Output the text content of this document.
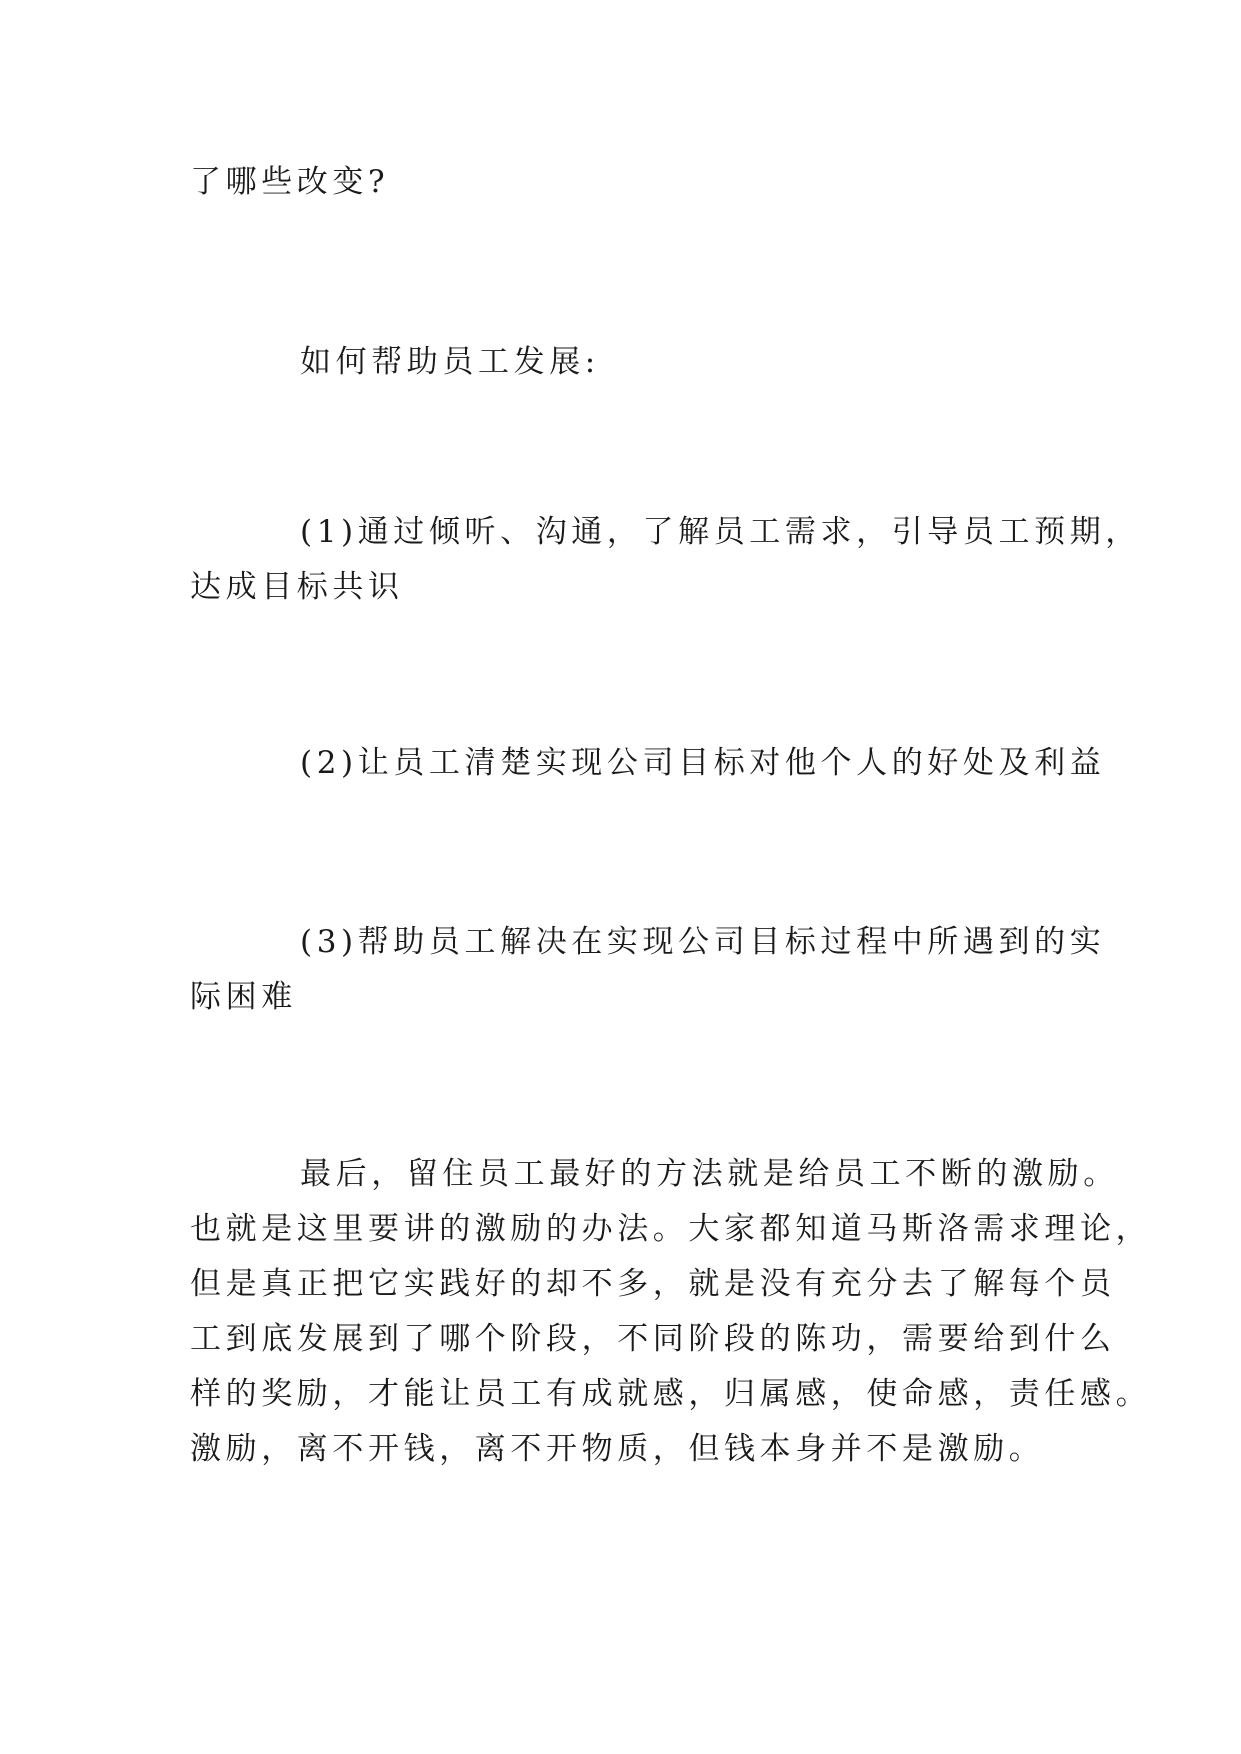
了哪些改变?

如何帮助员工发展:

(1)通过倾听、沟通，了解员工需求，引导员工预期，

达成目标共识

(2)让员工清楚实现公司目标对他个人的好处及利益

(3)帮助员工解决在实现公司目标过程中所遇到的实

际困难

最后，留住员工最好的方法就是给员工不断的激励。

也就是这里要讲的激励的办法。大家都知道马斯洛需求理论，

但是真正把它实践好的却不多，就是没有充分去了解每个员

工到底发展到了哪个阶段，不同阶段的陈功，需要给到什么

样的奖励，才能让员工有成就感，归属感，使命感，责任感。

激励，离不开钱，离不开物质，但钱本身并不是激励。
